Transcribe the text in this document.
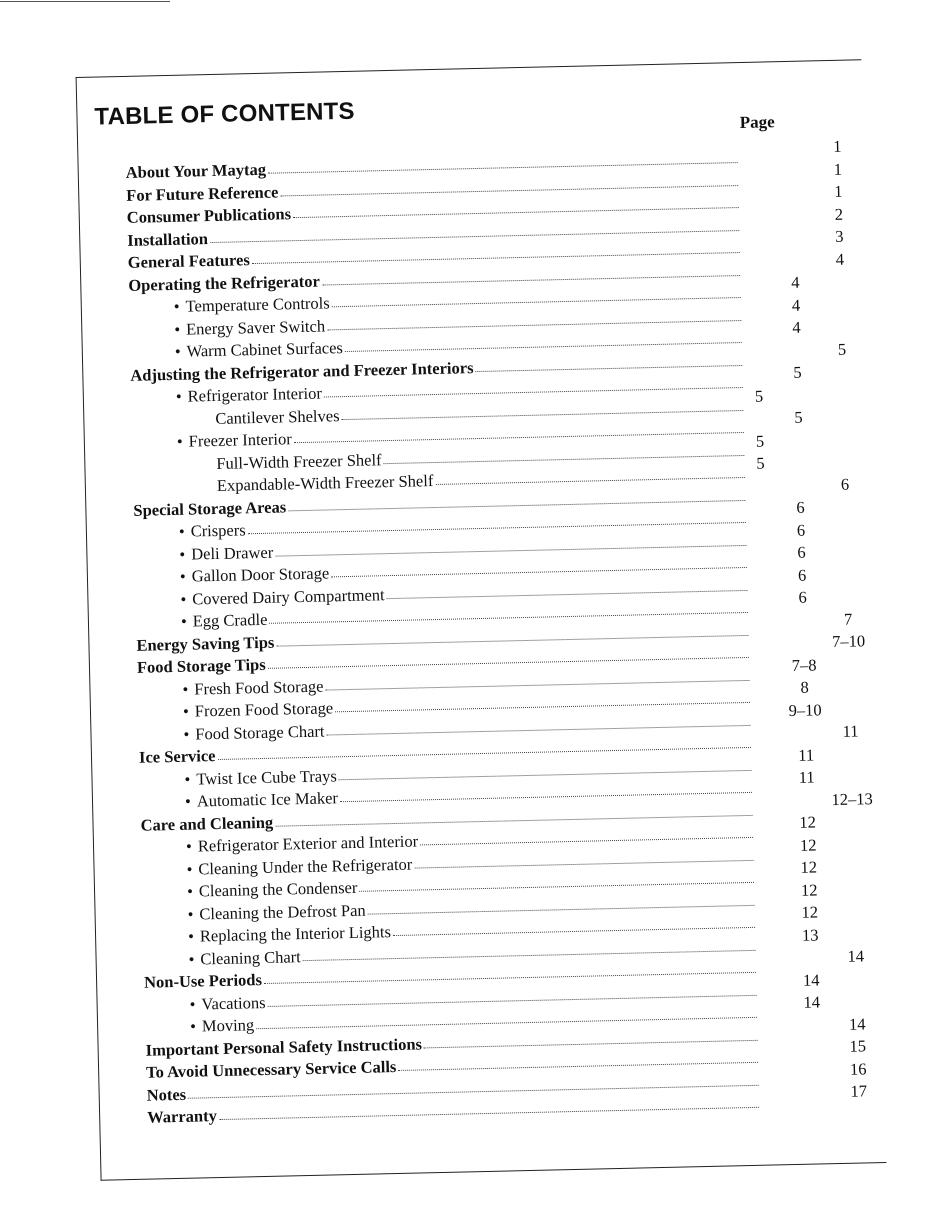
TABLE OF CONTENTS	Page
About Your Maytag
1
For Future Reference
1
Consumer Publications
1
Installation
2
General Features
3
Operating the Refrigerator
4
• Temperature Controls
4
• Energy Saver Switch
4
• Warm Cabinet Surfaces
4
Adjusting the Refrigerator and Freezer Interiors
5
• Refrigerator Interior
5
Cantilever Shelves
5
• Freezer Interior
5
Full-Width Freezer Shelf
5
Expandable-Width Freezer Shelf
5
Special Storage Areas
6
• Crispers
6
• Deli Drawer
6
• Gallon Door Storage
6
• Covered Dairy Compartment
6
• Egg Cradle
6
Energy Saving Tips
7
Food Storage Tips
7–10
• Fresh Food Storage
7–8
• Frozen Food Storage
8
• Food Storage Chart
9–10
Ice Service
11
• Twist Ice Cube Trays
11
• Automatic Ice Maker
11
Care and Cleaning
12–13
• Refrigerator Exterior and Interior
12
• Cleaning Under the Refrigerator
12
• Cleaning the Condenser
12
• Cleaning the Defrost Pan
12
• Replacing the Interior Lights
12
• Cleaning Chart
13
Non-Use Periods
14
• Vacations
14
• Moving
14
Important Personal Safety Instructions
14
To Avoid Unnecessary Service Calls
15
Notes
16
Warranty
17
